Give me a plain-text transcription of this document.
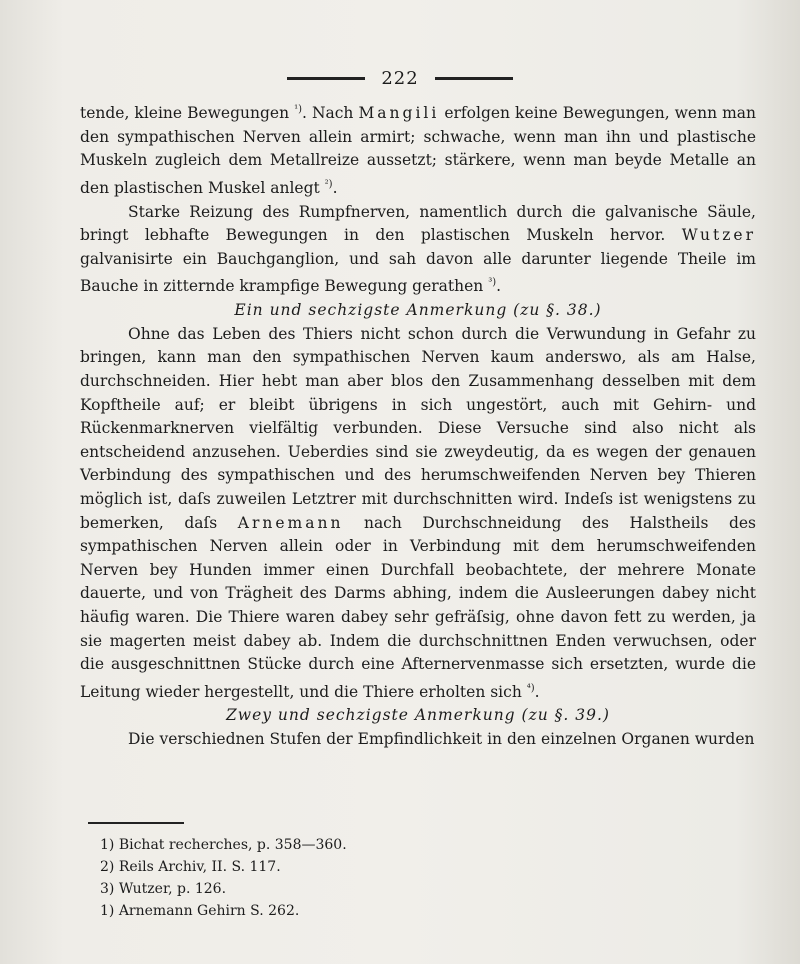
222

tende, kleine Bewegungen $^{^1)}$. Nach Mangili erfolgen keine Bewegungen, wenn man den sympathischen Nerven allein armirt; schwache, wenn man ihn und plastische Muskeln zugleich dem Metallreize aussetzt; stärkere, wenn man beyde Metalle an den plastischen Muskel anlegt $^{^2)}$.

Starke Reizung des Rumpfnerven, namentlich durch die galvanische Säule, bringt lebhafte Bewegungen in den plastischen Muskeln hervor. Wutzer galvanisirte ein Bauchganglion, und sah davon alle darunter liegende Theile im Bauche in zitternde krampfige Bewegung gerathen $^{^3)}$.

Ein und sechzigste Anmerkung (zu §. 38.)

Ohne das Leben des Thiers nicht schon durch die Verwundung in Gefahr zu bringen, kann man den sympathischen Nerven kaum anderswo, als am Halse, durchschneiden. Hier hebt man aber blos den Zusammenhang desselben mit dem Kopftheile auf; er bleibt übrigens in sich ungestört, auch mit Gehirn- und Rückenmarknerven vielfältig verbunden. Diese Versuche sind also nicht als entscheidend anzusehen. Ueberdies sind sie zweydeutig, da es wegen der genauen Verbindung des sympathischen und des herumschweifenden Nerven bey Thieren möglich ist, daſs zuweilen Letztrer mit durchschnitten wird. Indeſs ist wenigstens zu bemerken, daſs Arnemann nach Durchschneidung des Halstheils des sympathischen Nerven allein oder in Verbindung mit dem herumschweifenden Nerven bey Hunden immer einen Durchfall beobachtete, der mehrere Monate dauerte, und von Trägheit des Darms abhing, indem die Ausleerungen dabey nicht häufig waren. Die Thiere waren dabey sehr gefräſsig, ohne davon fett zu werden, ja sie magerten meist dabey ab. Indem die durchschnittnen Enden verwuchsen, oder die ausgeschnittnen Stücke durch eine Afternervenmasse sich ersetzten, wurde die Leitung wieder hergestellt, und die Thiere erholten sich $^{^4)}$.

Zwey und sechzigste Anmerkung (zu §. 39.)

Die verschiednen Stufen der Empfindlichkeit in den einzelnen Organen wurden

1) Bichat recherches, p. 358—360.
2) Reils Archiv, II. S. 117.
3) Wutzer, p. 126.
1) Arnemann Gehirn S. 262.
